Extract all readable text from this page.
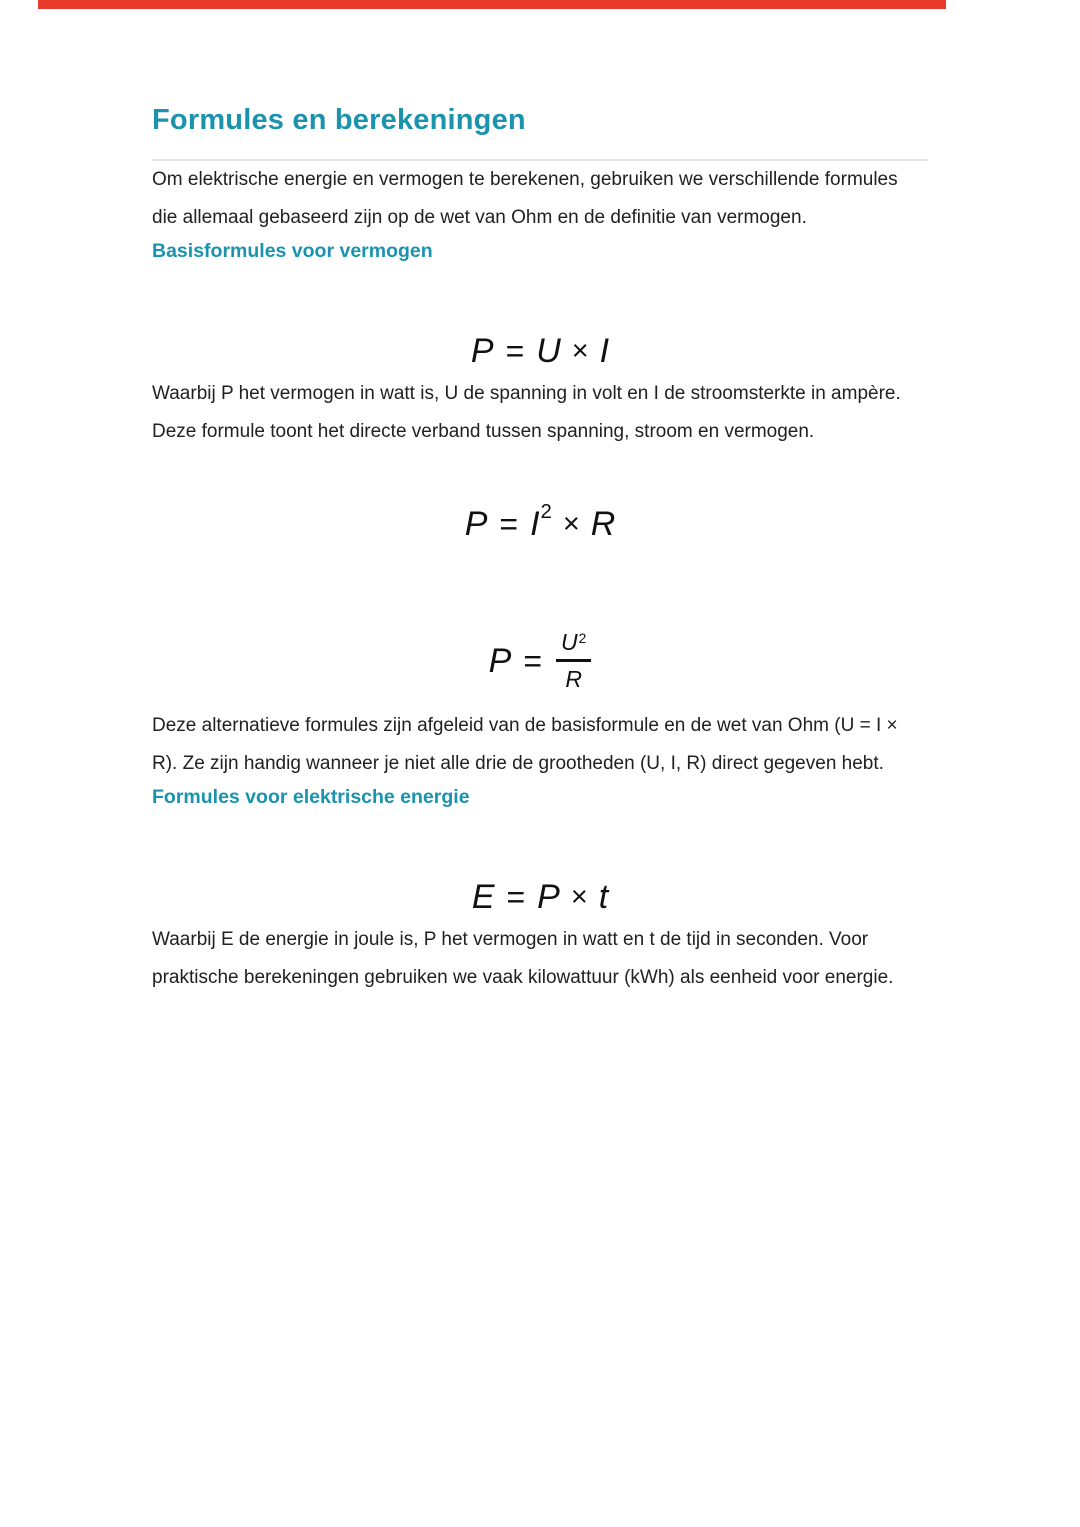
Formules en berekeningen

Om elektrische energie en vermogen te berekenen, gebruiken we verschillende formules die allemaal gebaseerd zijn op de wet van Ohm en de definitie van vermogen.

Basisformules voor vermogen
P = U × I

Waarbij P het vermogen in watt is, U de spanning in volt en I de stroomsterkte in ampère. Deze formule toont het directe verband tussen spanning, stroom en vermogen.

P = I 2 × R
$P = \frac{U^2}{R}$

Deze alternatieve formules zijn afgeleid van de basisformule en de wet van Ohm (U = I × R). Ze zijn handig wanneer je niet alle drie de grootheden (U, I, R) direct gegeven hebt.

Formules voor elektrische energie
E = P × t

Waarbij E de energie in joule is, P het vermogen in watt en t de tijd in seconden. Voor praktische berekeningen gebruiken we vaak kilowattuur (kWh) als eenheid voor energie.
